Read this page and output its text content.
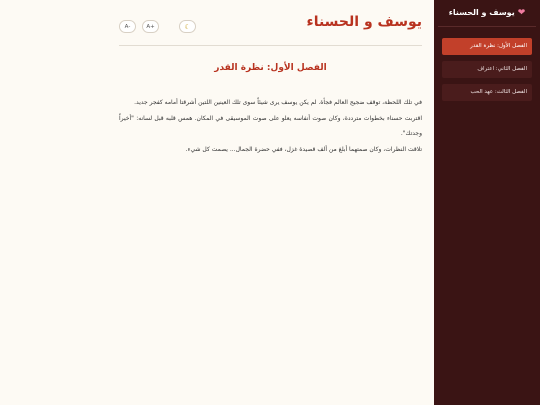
❤يوسف و الحسناء
الفصل الأول: نظرة القدر
الفصل الثاني: اعتراف
الفصل الثالث: عهد الحب
يوسف و الحسناء
A-	A+	☾
الفصل الأول: نظرة القدر

في تلك اللحظة، توقف ضجيج العالم فجأة. لم يكن يوسف يرى شيئاً سوى تلك العينين اللتين أشرقتا أمامه كفجر جديد.

اقتربت حسناء بخطوات مترددة، وكان صوت أنفاسه يعلو على صوت الموسيقى في المكان. همس قلبه قبل لسانه: "أخيراً وجدتك".

تلاقت النظرات، وكان صمتهما أبلغ من ألف قصيدة غزل، ففي حضرة الجمال... يصمت كل شيء.
